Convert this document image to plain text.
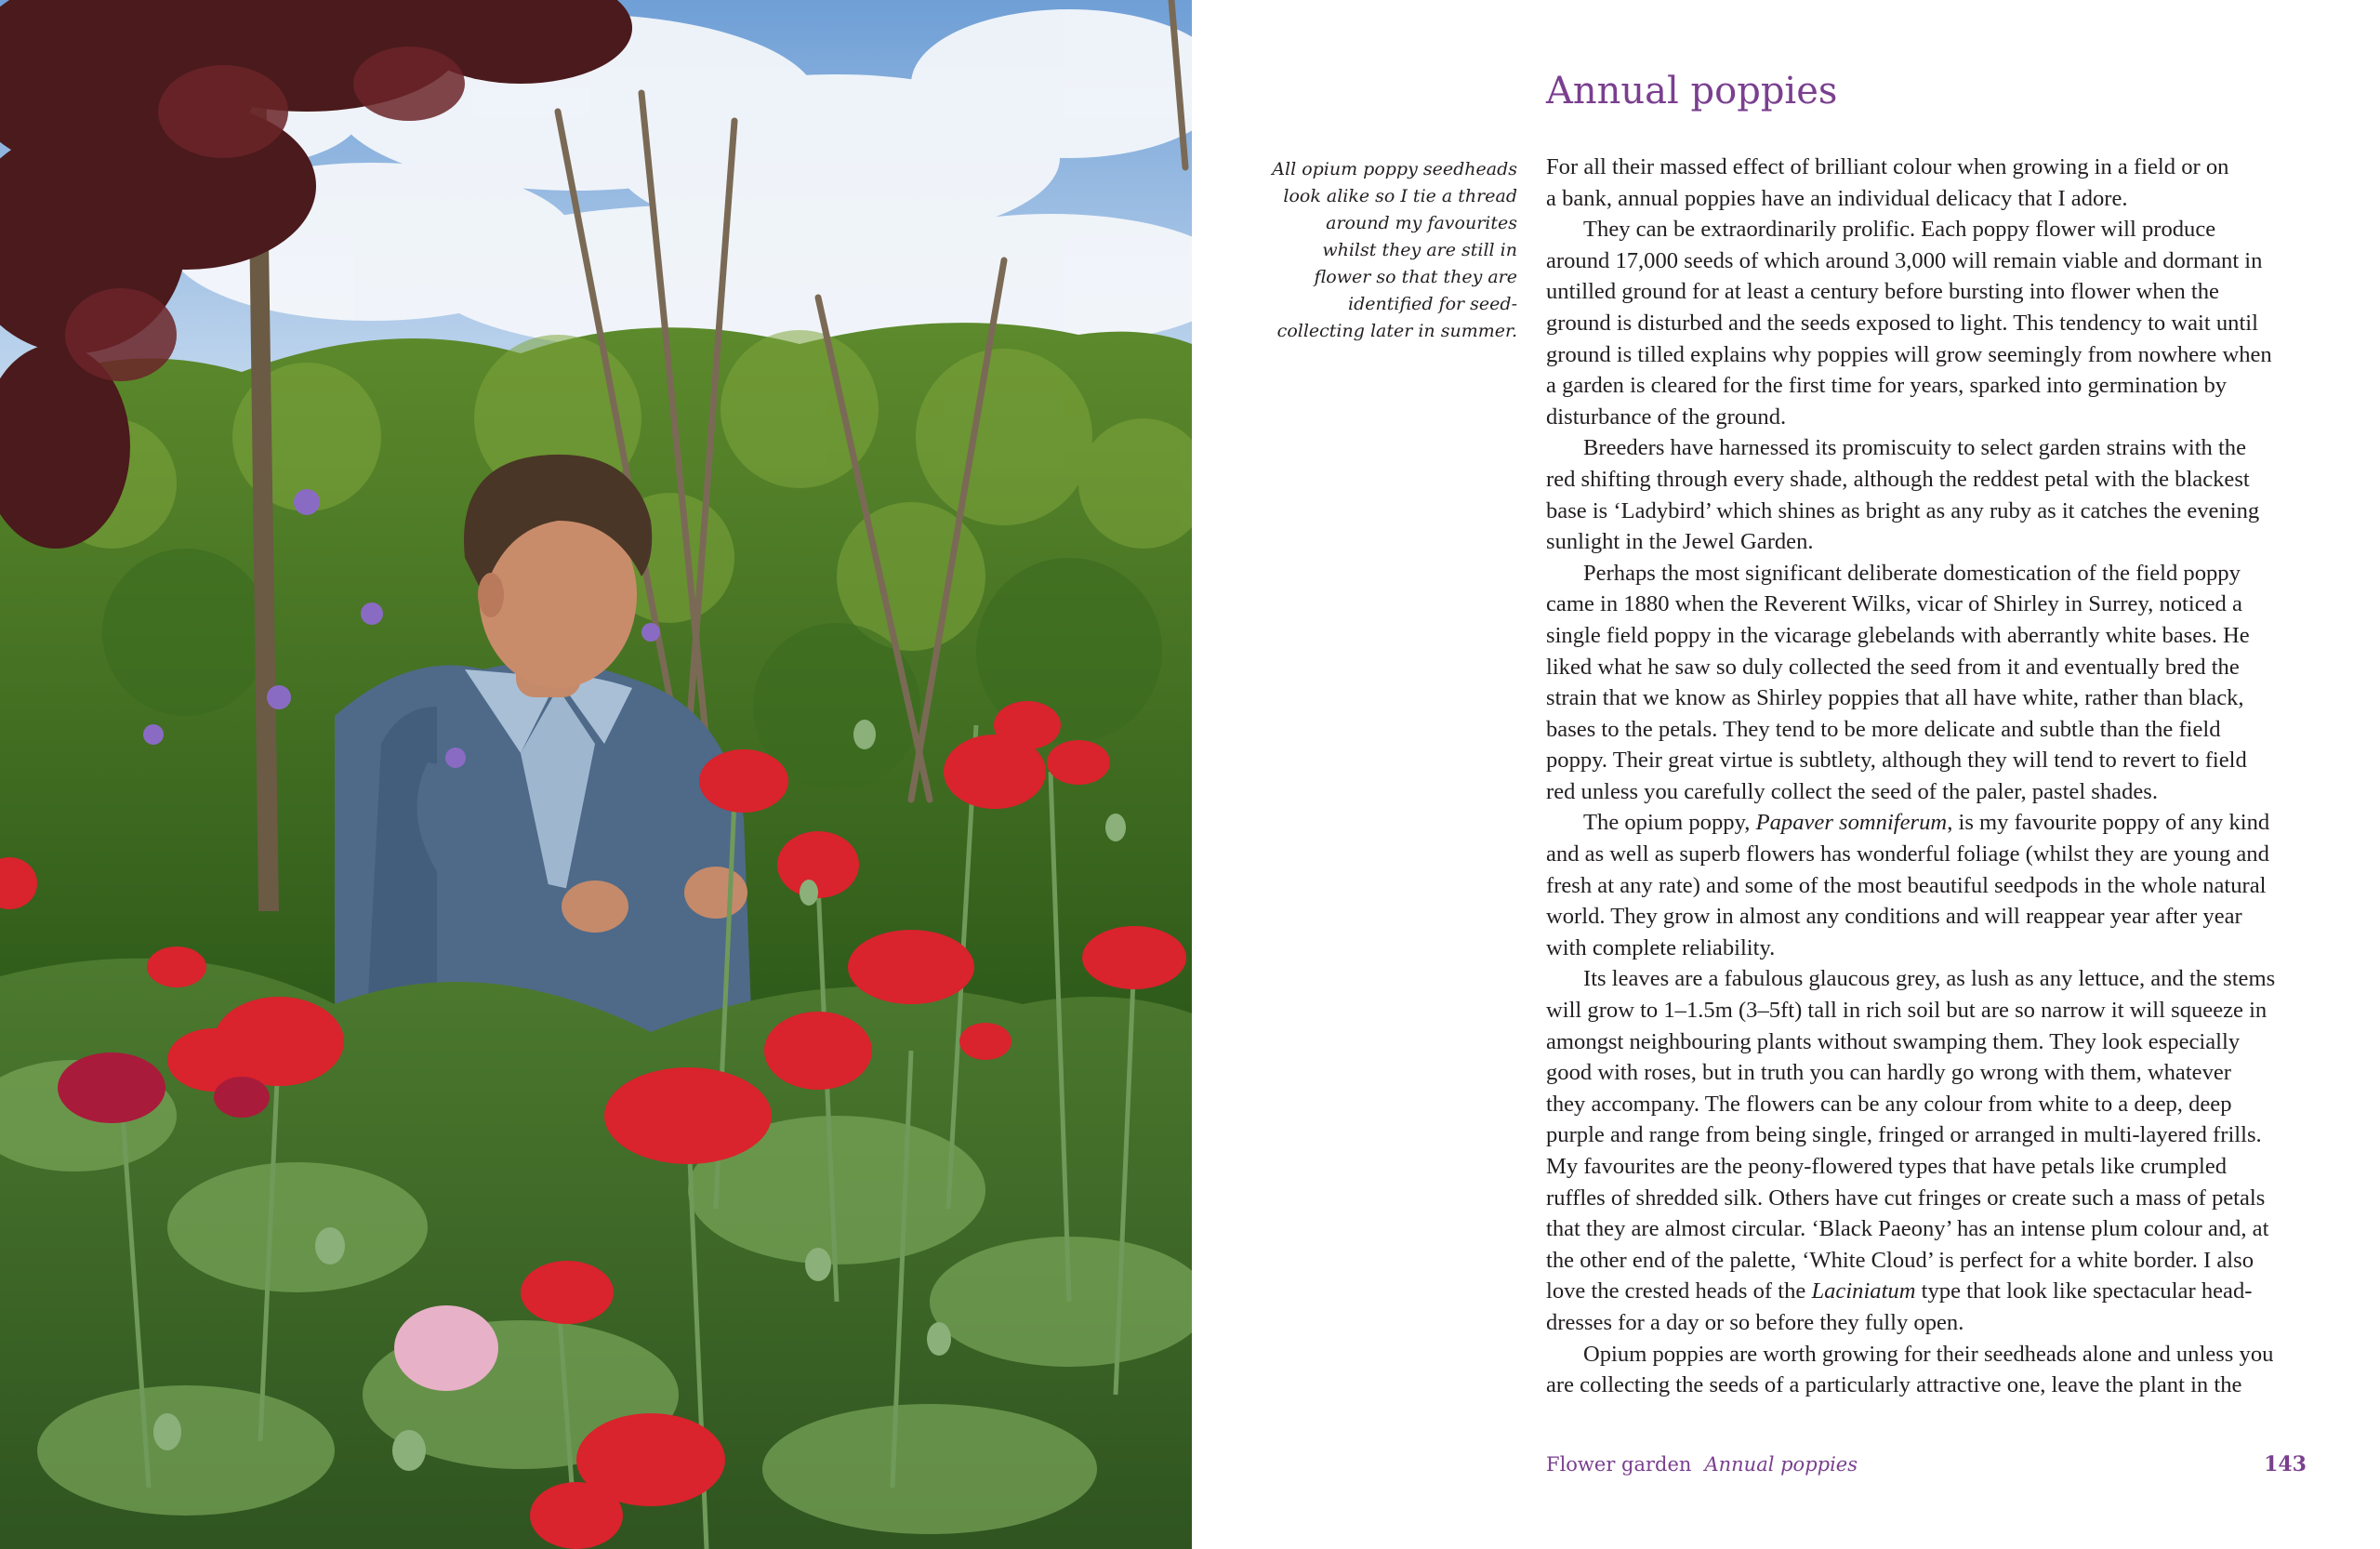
All opium poppy seedheads
look alike so I tie a thread
around my favourites
whilst they are still in
flower so that they are
identified for seed-
collecting later in summer.
Annual poppies
For all their massed effect of brilliant colour when growing in a field or on
a bank, annual poppies have an individual delicacy that I adore.
They can be extraordinarily prolific. Each poppy flower will produce
around 17,000 seeds of which around 3,000 will remain viable and dormant in
untilled ground for at least a century before bursting into flower when the
ground is disturbed and the seeds exposed to light. This tendency to wait until
ground is tilled explains why poppies will grow seemingly from nowhere when
a garden is cleared for the first time for years, sparked into germination by
disturbance of the ground.
Breeders have harnessed its promiscuity to select garden strains with the
red shifting through every shade, although the reddest petal with the blackest
base is ‘Ladybird’ which shines as bright as any ruby as it catches the evening
sunlight in the Jewel Garden.
Perhaps the most significant deliberate domestication of the field poppy
came in 1880 when the Reverent Wilks, vicar of Shirley in Surrey, noticed a
single field poppy in the vicarage glebelands with aberrantly white bases. He
liked what he saw so duly collected the seed from it and eventually bred the
strain that we know as Shirley poppies that all have white, rather than black,
bases to the petals. They tend to be more delicate and subtle than the field
poppy. Their great virtue is subtlety, although they will tend to revert to field
red unless you carefully collect the seed of the paler, pastel shades.
The opium poppy, Papaver somniferum, is my favourite poppy of any kind
and as well as superb flowers has wonderful foliage (whilst they are young and
fresh at any rate) and some of the most beautiful seedpods in the whole natural
world. They grow in almost any conditions and will reappear year after year
with complete reliability.
Its leaves are a fabulous glaucous grey, as lush as any lettuce, and the stems
will grow to 1–1.5m (3–5ft) tall in rich soil but are so narrow it will squeeze in
amongst neighbouring plants without swamping them. They look especially
good with roses, but in truth you can hardly go wrong with them, whatever
they accompany. The flowers can be any colour from white to a deep, deep
purple and range from being single, fringed or arranged in multi-layered frills.
My favourites are the peony-flowered types that have petals like crumpled
ruffles of shredded silk. Others have cut fringes or create such a mass of petals
that they are almost circular. ‘Black Paeony’ has an intense plum colour and, at
the other end of the palette, ‘White Cloud’ is perfect for a white border. I also
love the crested heads of the Laciniatum type that look like spectacular head-
dresses for a day or so before they fully open.
Opium poppies are worth growing for their seedheads alone and unless you
are collecting the seeds of a particularly attractive one, leave the plant in the
Flower garden Annual poppies	143
